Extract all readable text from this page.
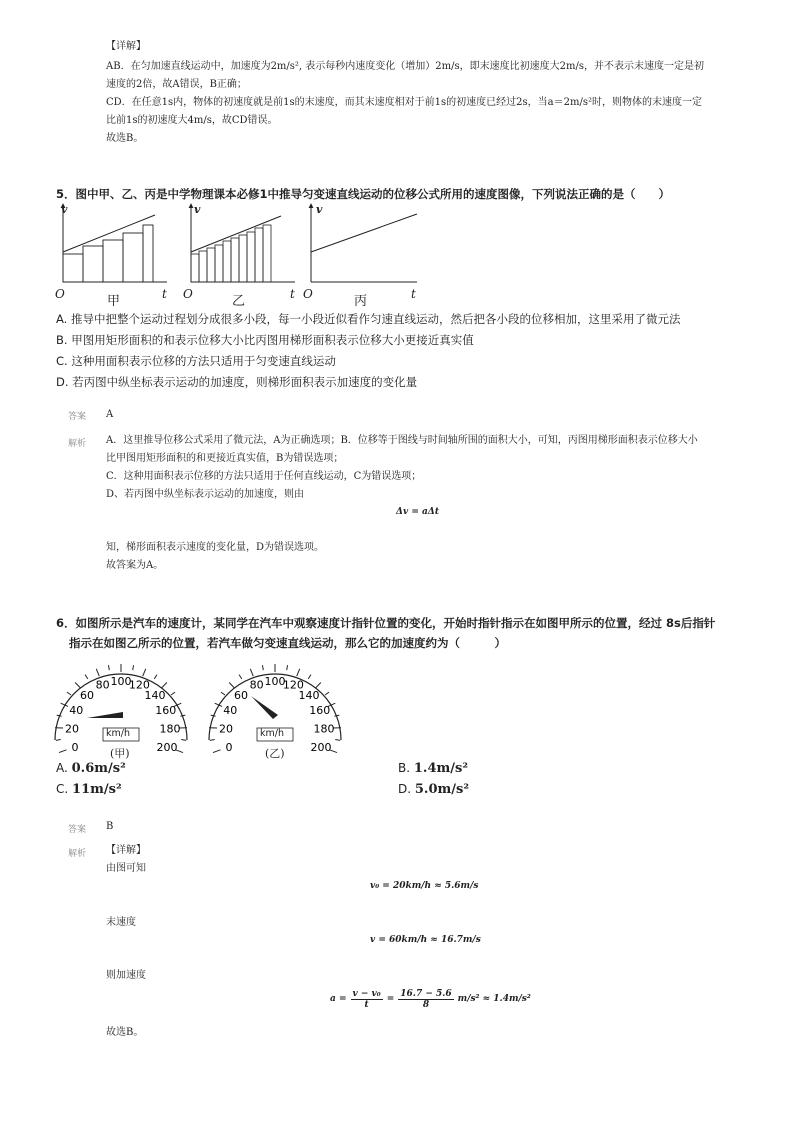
【详解】
AB．在匀加速直线运动中，加速度为2m/s², 表示每秒内速度变化（增加）2m/s，即末速度比初速度大2m/s，并不表示末速度一定是初
速度的2倍，故A错误，B正确；
CD．在任意1s内，物体的初速度就是前1s的末速度，而其末速度相对于前1s的初速度已经过2s，当a＝2m/s²时，则物体的末速度一定
比前1s的初速度大4m/s，故CD错误。
故选B。
5．图中甲、乙、丙是中学物理课本必修1中推导匀变速直线运动的位移公式所用的速度图像，下列说法正确的是（　　）
v	v	v
O	O	O
t	t	t
甲	乙	丙
A. 推导中把整个运动过程划分成很多小段，每一小段近似看作匀速直线运动，然后把各小段的位移相加，这里采用了微元法
B. 甲图用矩形面积的和表示位移大小比丙图用梯形面积表示位移大小更接近真实值
C. 这种用面积表示位移的方法只适用于匀变速直线运动
D. 若丙图中纵坐标表示运动的加速度，则梯形面积表示加速度的变化量
答案 A
解析 A．这里推导位移公式采用了微元法，A为正确选项；B．位移等于图线与时间轴所围的面积大小，可知，丙图用梯形面积表示位移大小
比甲图用矩形面积的和更接近真实值，B为错误选项；
C．这种用面积表示位移的方法只适用于任何直线运动，C为错误选项；
D、若丙图中纵坐标表示运动的加速度，则由
Δv = aΔt
知，梯形面积表示速度的变化量，D为错误选项。
故答案为A。
6．如图所示是汽车的速度计，某同学在汽车中观察速度计指针位置的变化，开始时指针指示在如图甲所示的位置，经过 8s后指针
指示在如图乙所示的位置，若汽车做匀变速直线运动，那么它的加速度约为（　　　）
0
20
40
60
80 100
120
140
160
180
200	0
20
40
60
80 100
120
140
160
180
200
km/h	km/h
(甲)	(乙)
A. 0.6m/s²	B. 1.4m/s²
C. 11m/s²	D. 5.0m/s²
答案 B
解析 【详解】
由图可知
v₀ = 20km/h ≈ 5.6m/s
末速度
v = 60km/h ≈ 16.7m/s
则加速度
$a = \frac{\text{v − v₀}}{t} = \frac{16.7 - 5.6}{8} m/s^2 \approx 1.4m/s^2$
故选B。
